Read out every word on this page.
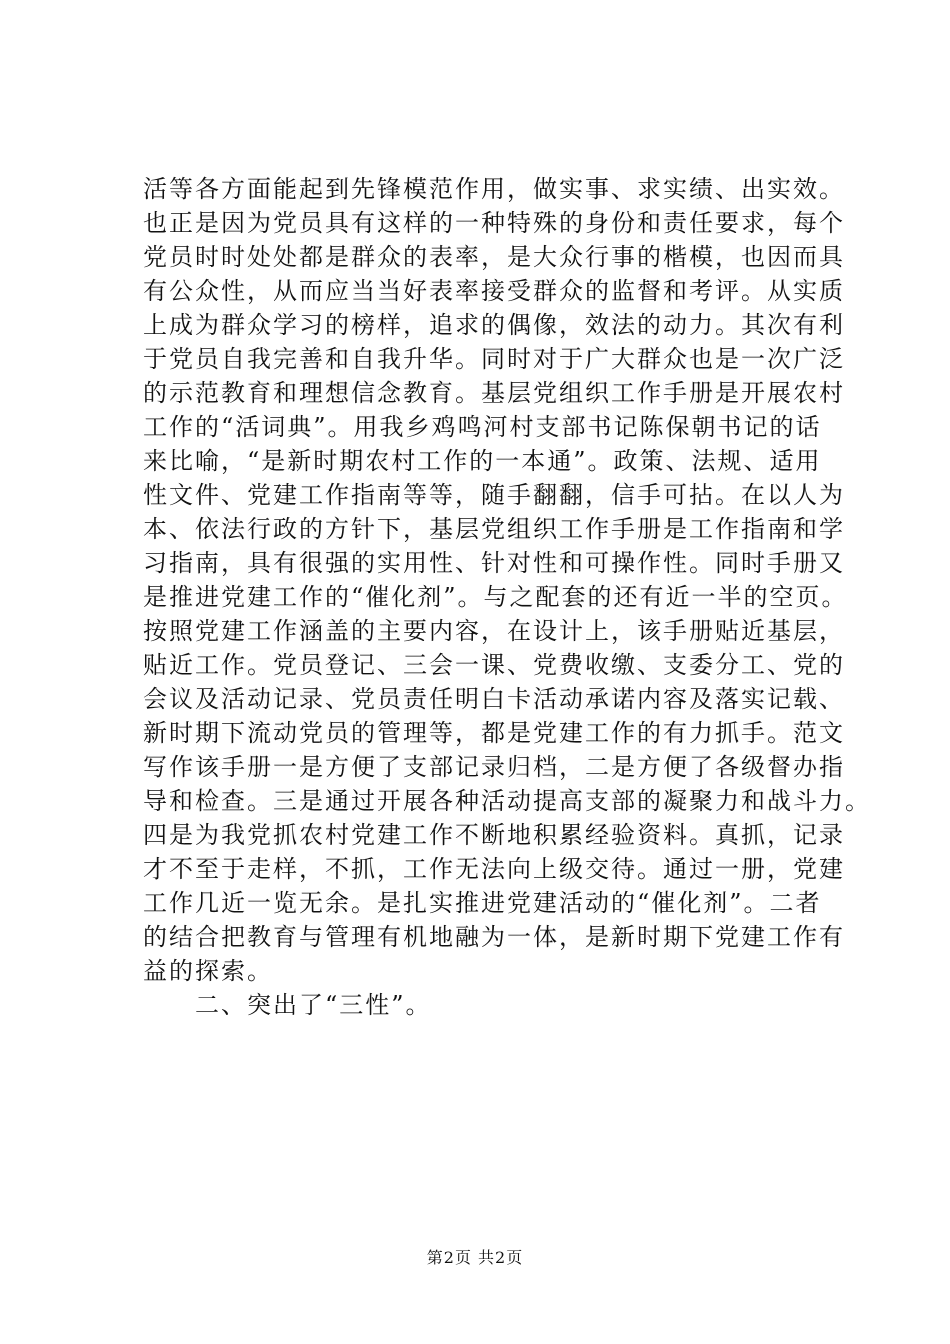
活等各方面能起到先锋模范作用，做实事、求实绩、出实效。
也正是因为党员具有这样的一种特殊的身份和责任要求，每个
党员时时处处都是群众的表率，是大众行事的楷模，也因而具
有公众性，从而应当当好表率接受群众的监督和考评。从实质
上成为群众学习的榜样，追求的偶像，效法的动力。其次有利
于党员自我完善和自我升华。同时对于广大群众也是一次广泛
的示范教育和理想信念教育。基层党组织工作手册是开展农村
工作的“活词典”。用我乡鸡鸣河村支部书记陈保朝书记的话
来比喻，“是新时期农村工作的一本通”。政策、法规、适用
性文件、党建工作指南等等，随手翻翻，信手可拈。在以人为
本、依法行政的方针下，基层党组织工作手册是工作指南和学
习指南，具有很强的实用性、针对性和可操作性。同时手册又
是推进党建工作的“催化剂”。与之配套的还有近一半的空页。
按照党建工作涵盖的主要内容，在设计上，该手册贴近基层，
贴近工作。党员登记、三会一课、党费收缴、支委分工、党的
会议及活动记录、党员责任明白卡活动承诺内容及落实记载、
新时期下流动党员的管理等，都是党建工作的有力抓手。范文
写作该手册一是方便了支部记录归档，二是方便了各级督办指
导和检查。三是通过开展各种活动提高支部的凝聚力和战斗力。
四是为我党抓农村党建工作不断地积累经验资料。真抓，记录
才不至于走样，不抓，工作无法向上级交待。通过一册，党建
工作几近一览无余。是扎实推进党建活动的“催化剂”。二者
的结合把教育与管理有机地融为一体，是新时期下党建工作有
益的探索。
　　二、突出了“三性”。
第2页 共2页
